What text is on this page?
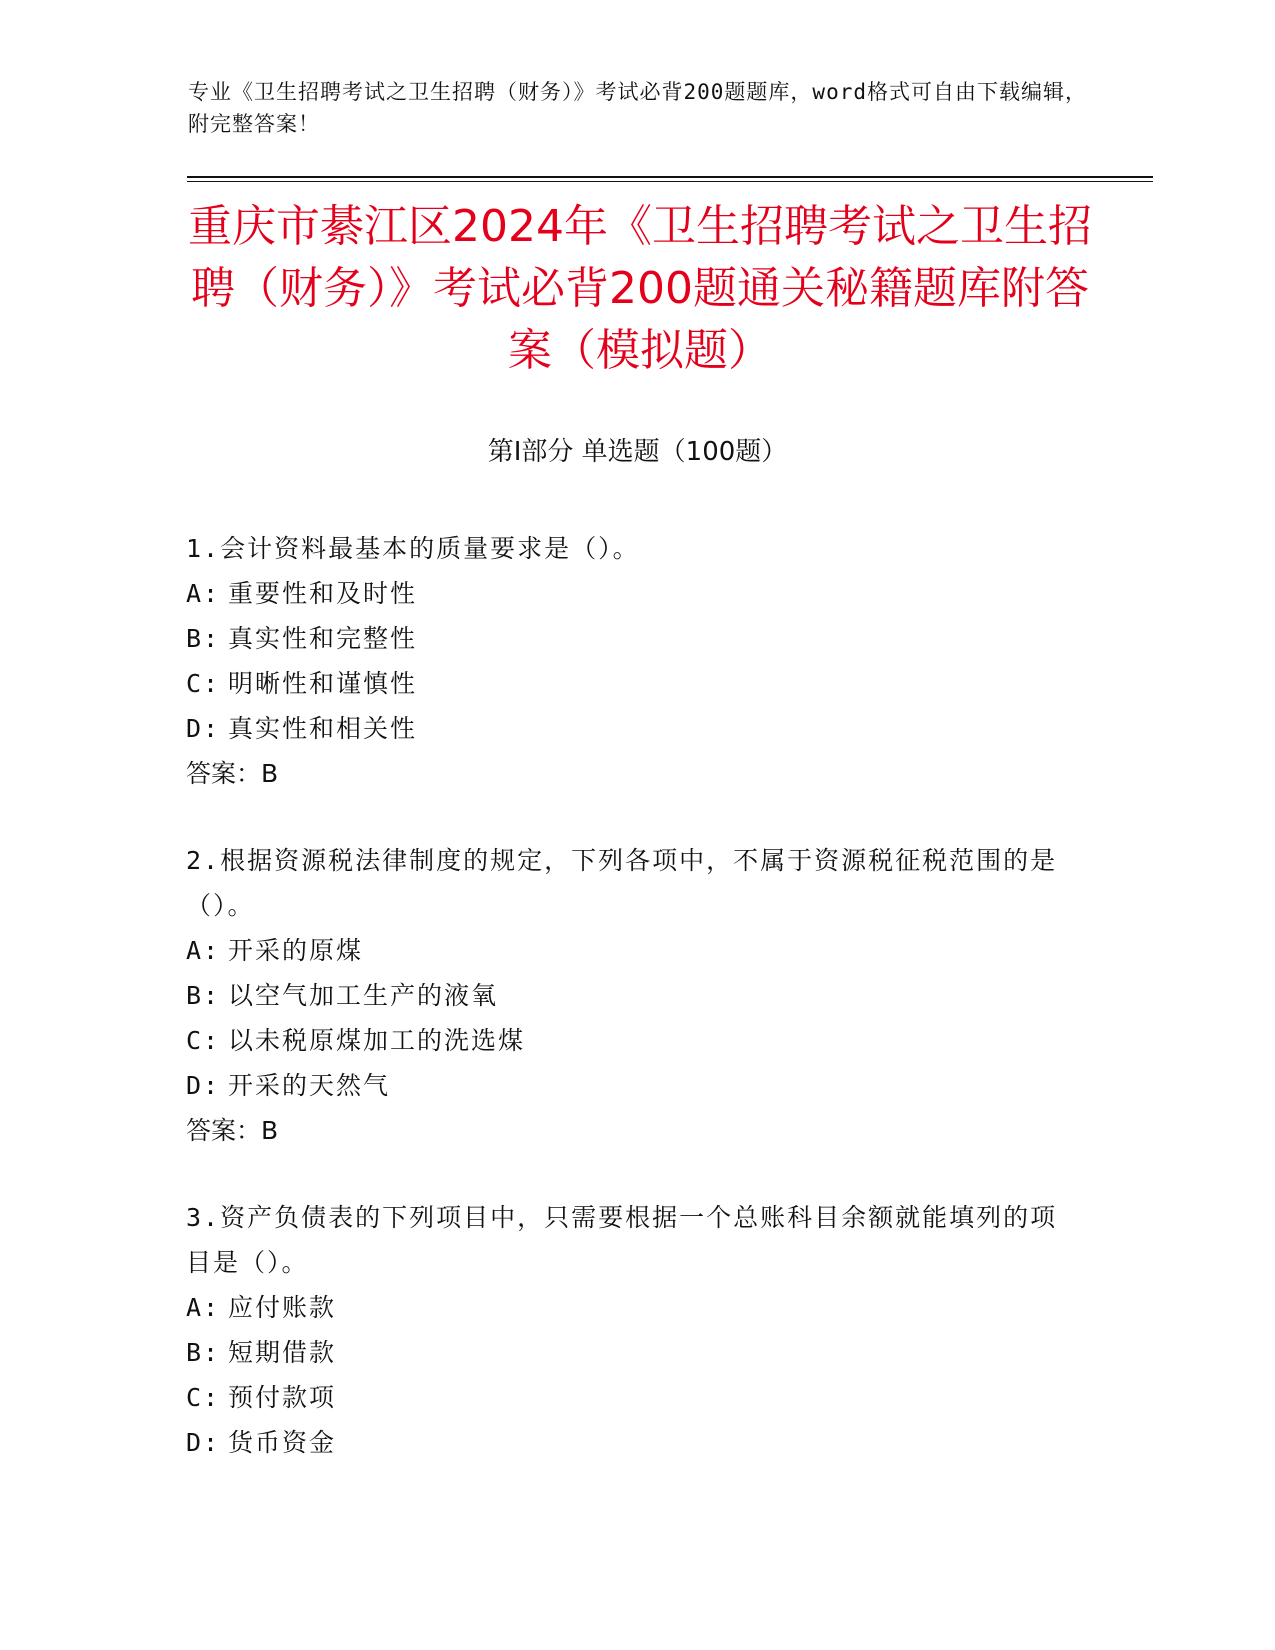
专业《卫生招聘考试之卫生招聘（财务）》考试必背200题题库，word格式可自由下载编辑，附完整答案！
重庆市綦江区2024年《卫生招聘考试之卫生招聘（财务）》考试必背200题通关秘籍题库附答案（模拟题）
第I部分 单选题（100题）
1.会计资料最基本的质量要求是（）。
A: 重要性和及时性
B: 真实性和完整性
C: 明晰性和谨慎性
D: 真实性和相关性
答案：B
2.根据资源税法律制度的规定，下列各项中，不属于资源税征税范围的是（）。
A: 开采的原煤
B: 以空气加工生产的液氧
C: 以未税原煤加工的洗选煤
D: 开采的天然气
答案：B
3.资产负债表的下列项目中，只需要根据一个总账科目余额就能填列的项目是（）。
A: 应付账款
B: 短期借款
C: 预付款项
D: 货币资金
